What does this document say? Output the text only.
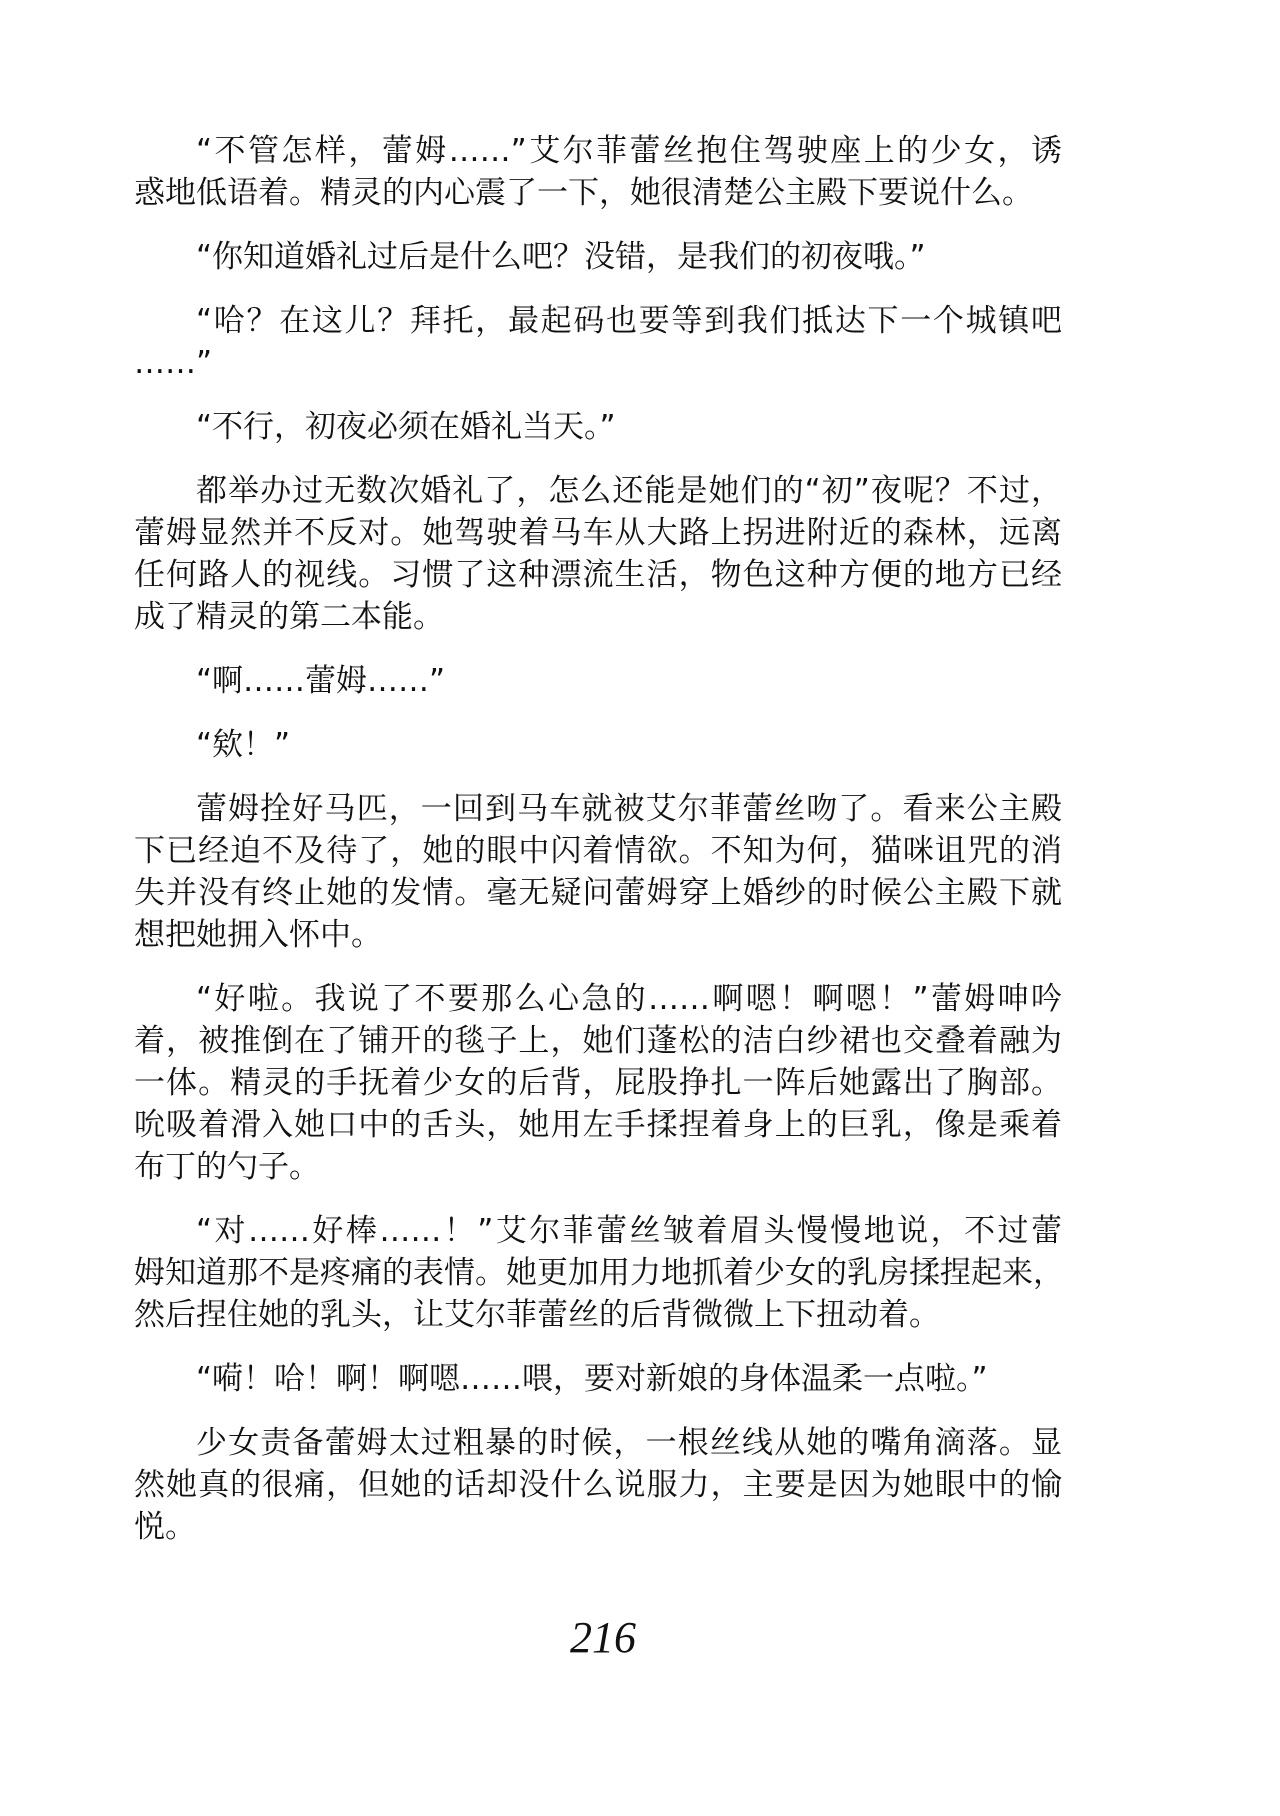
“不管怎样，蕾姆……”艾尔菲蕾丝抱住驾驶座上的少女，诱
惑地低语着。精灵的内心震了一下，她很清楚公主殿下要说什么。
“你知道婚礼过后是什么吧？没错，是我们的初夜哦。”
“哈？在这儿？拜托，最起码也要等到我们抵达下一个城镇吧
……”
“不行，初夜必须在婚礼当天。”
都举办过无数次婚礼了，怎么还能是她们的“初”夜呢？不过，
蕾姆显然并不反对。她驾驶着马车从大路上拐进附近的森林，远离
任何路人的视线。习惯了这种漂流生活，物色这种方便的地方已经
成了精灵的第二本能。
“啊……蕾姆……”
“欸！”
蕾姆拴好马匹，一回到马车就被艾尔菲蕾丝吻了。看来公主殿
下已经迫不及待了，她的眼中闪着情欲。不知为何，猫咪诅咒的消
失并没有终止她的发情。毫无疑问蕾姆穿上婚纱的时候公主殿下就
想把她拥入怀中。
“好啦。我说了不要那么心急的……啊嗯！啊嗯！”蕾姆呻吟
着，被推倒在了铺开的毯子上，她们蓬松的洁白纱裙也交叠着融为
一体。精灵的手抚着少女的后背，屁股挣扎一阵后她露出了胸部。
吮吸着滑入她口中的舌头，她用左手揉捏着身上的巨乳，像是乘着
布丁的勺子。
“对……好棒……！”艾尔菲蕾丝皱着眉头慢慢地说，不过蕾
姆知道那不是疼痛的表情。她更加用力地抓着少女的乳房揉捏起来，
然后捏住她的乳头，让艾尔菲蕾丝的后背微微上下扭动着。
“嗬！哈！啊！啊嗯……喂，要对新娘的身体温柔一点啦。”
少女责备蕾姆太过粗暴的时候，一根丝线从她的嘴角滴落。显
然她真的很痛，但她的话却没什么说服力，主要是因为她眼中的愉
悦。
216
